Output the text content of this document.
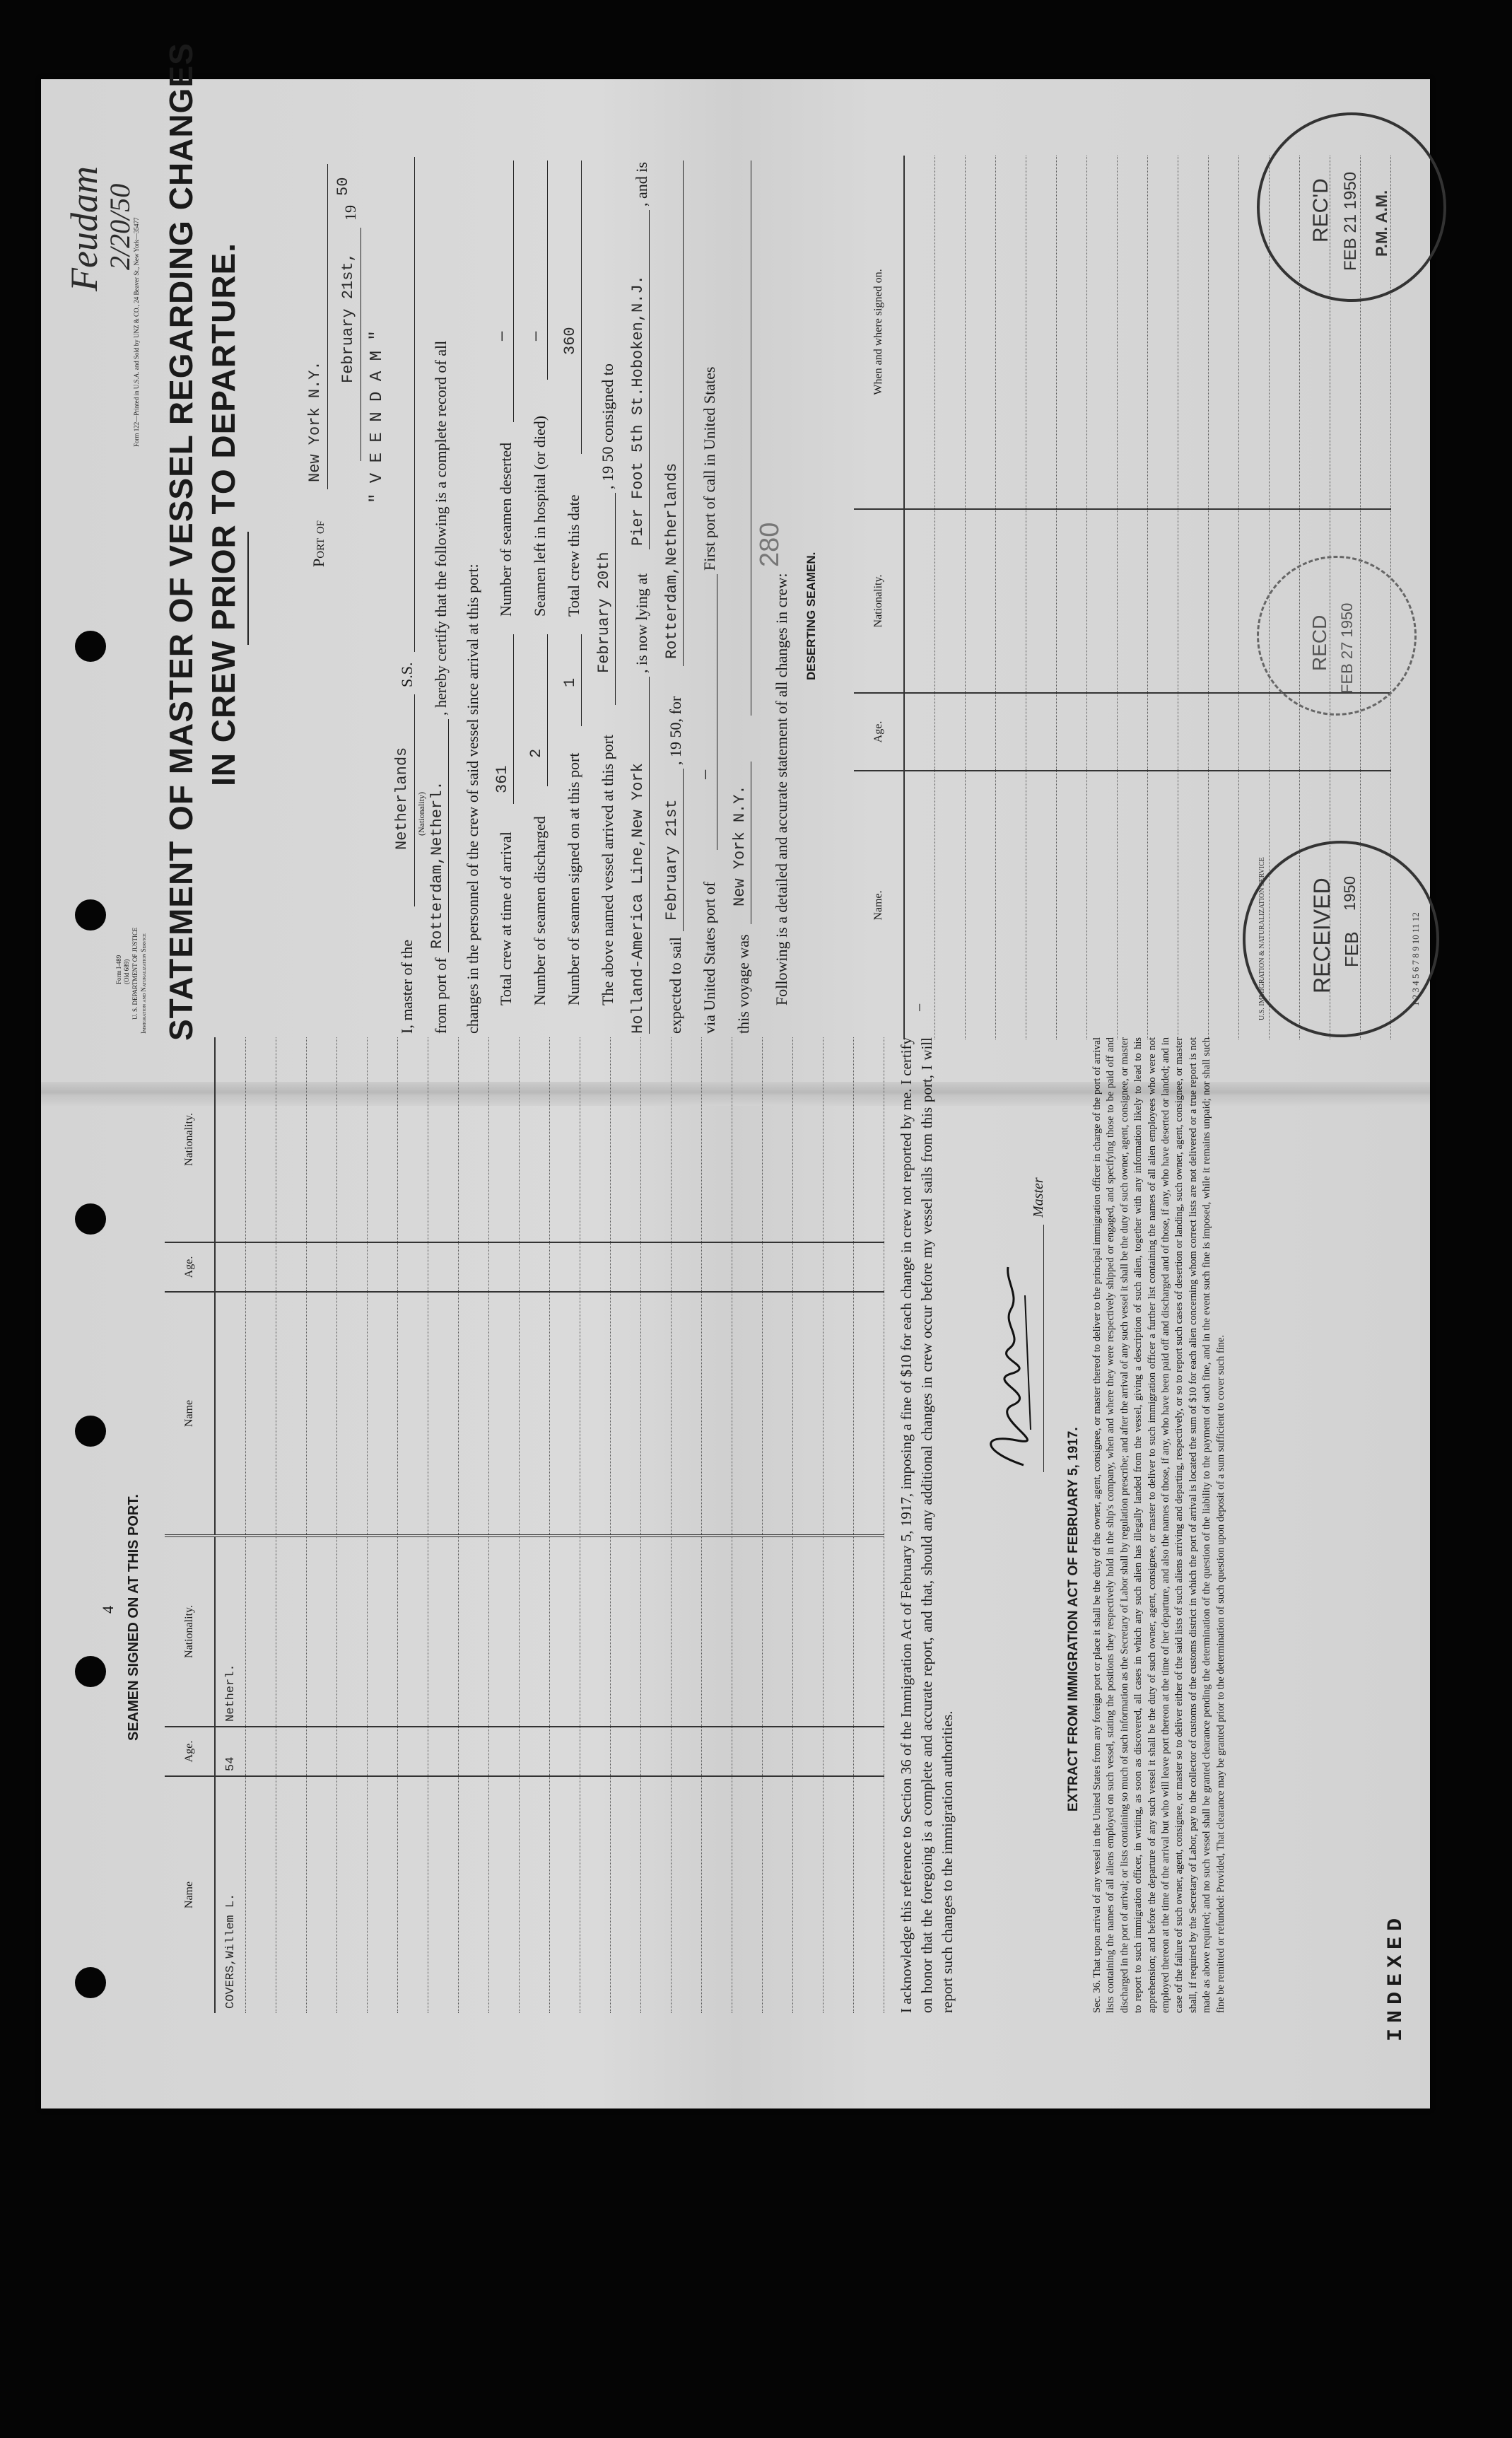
4 SEAMEN SIGNED ON AT THIS PORT.
Name	Age.	Nationality.	Name	Age.	Nationality.
COVERS,Willem L.	54	Netherl.			

						I acknowledge this reference to Section 36 of the Immigration Act of February 5, 1917, imposing a fine of $10 for each change in crew not reported by me. I certify on honor that the foregoing is a complete and accurate report, and that, should any additional changes in crew occur before my vessel sails from this port, I will report such changes to the immigration authorities.
Master
EXTRACT FROM IMMIGRATION ACT OF FEBRUARY 5, 1917. Sec. 36. That upon arrival of any vessel in the United States from any foreign port or place it shall be the duty of the owner, agent, consignee, or master thereof to deliver to the principal immigration officer in charge of the port of arrival lists containing the names of all aliens employed on such vessel, stating the positions they respectively hold in the ship's company, when and where they were respectively shipped or engaged, and specifying those to be paid off and discharged in the port of arrival; or lists containing so much of such information as the Secretary of Labor shall by regulation prescribe; and after the arrival of any such vessel it shall be the duty of such owner, agent, consignee, or master to report to such immigration officer, in writing, as soon as discovered, all cases in which any such alien has illegally landed from the vessel, giving a description of such alien, together with any information likely to lead to his apprehension; and before the departure of any such vessel it shall be the duty of such owner, agent, consignee, or master to deliver to such immigration officer a further list containing the names of all alien employees who were not employed thereon at the time of the arrival but who will leave port thereon at the time of her departure, and also the names of those, if any, who have been paid off and discharged and of those, if any, who have deserted or landed; and in case of the failure of such owner, agent, consignee, or master so to deliver either of the said lists of such aliens arriving and departing, respectively, or so to report such cases of desertion or landing, such owner, agent, consignee, or master shall, if required by the Secretary of Labor, pay to the collector of customs of the customs district in which the port of arrival is located the sum of $10 for each alien concerning whom correct lists are not delivered or a true report is not made as above required; and no such vessel shall be granted clearance pending the determination of the question of the liability to the payment of such fine, and in the event such fine is imposed, while it remains unpaid; nor shall such fine be remitted or refunded: Provided, That clearance may be granted prior to the determination of such question upon deposit of a sum sufficient to cover such fine.	INDEXED
Form I-489 (Old 689) U. S. DEPARTMENT OF JUSTICE Immigration and Naturalization Service
Form 122—Printed in U.S.A. and Sold by UNZ & CO., 24 Beaver St., New York—35477
Feudam
2/20/50 STATEMENT OF MASTER OF VESSEL REGARDING CHANGES IN CREW PRIOR TO DEPARTURE.	Port of
New York N.Y.
February 21st,
19
50
" V E E N D A M "
I, master of the
Netherlands (Nationality)
S.S.
from port of
Rotterdam,Netherl.
, hereby certify that the following is a complete record of all
changes in the personnel of the crew of said vessel since arrival at this port: Total crew at time of arrival
361
Number of seamen deserted
—
Number of seamen discharged
2
Seamen left in hospital (or died)
—
Number of seamen signed on at this port
1
Total crew this date
360
The above named vessel arrived at this port
February 20th
, 19 50 consigned to
Holland-America Line,New York
, is now lying at
Pier Foot 5th St.Hoboken,N.J.
, and is
expected to sail
February 21st
, 19 50, for
Rotterdam,Netherlands
via United States port of
—
First port of call in United States
this voyage was
New York N.Y. Following is a detailed and accurate statement of all changes in crew:
280
DESERTING SEAMEN.
Name.	Age.	Nationality.	When and where signed on.
—			

				U.S. IMMIGRATION & NATURALIZATION SERVICE	1 2 3 4 5 6 7 8 9 10 11 12
RECEIVED FEB
1950
RECD FEB 27 1950
REC'D FEB 21 1950 P.M. A.M.
